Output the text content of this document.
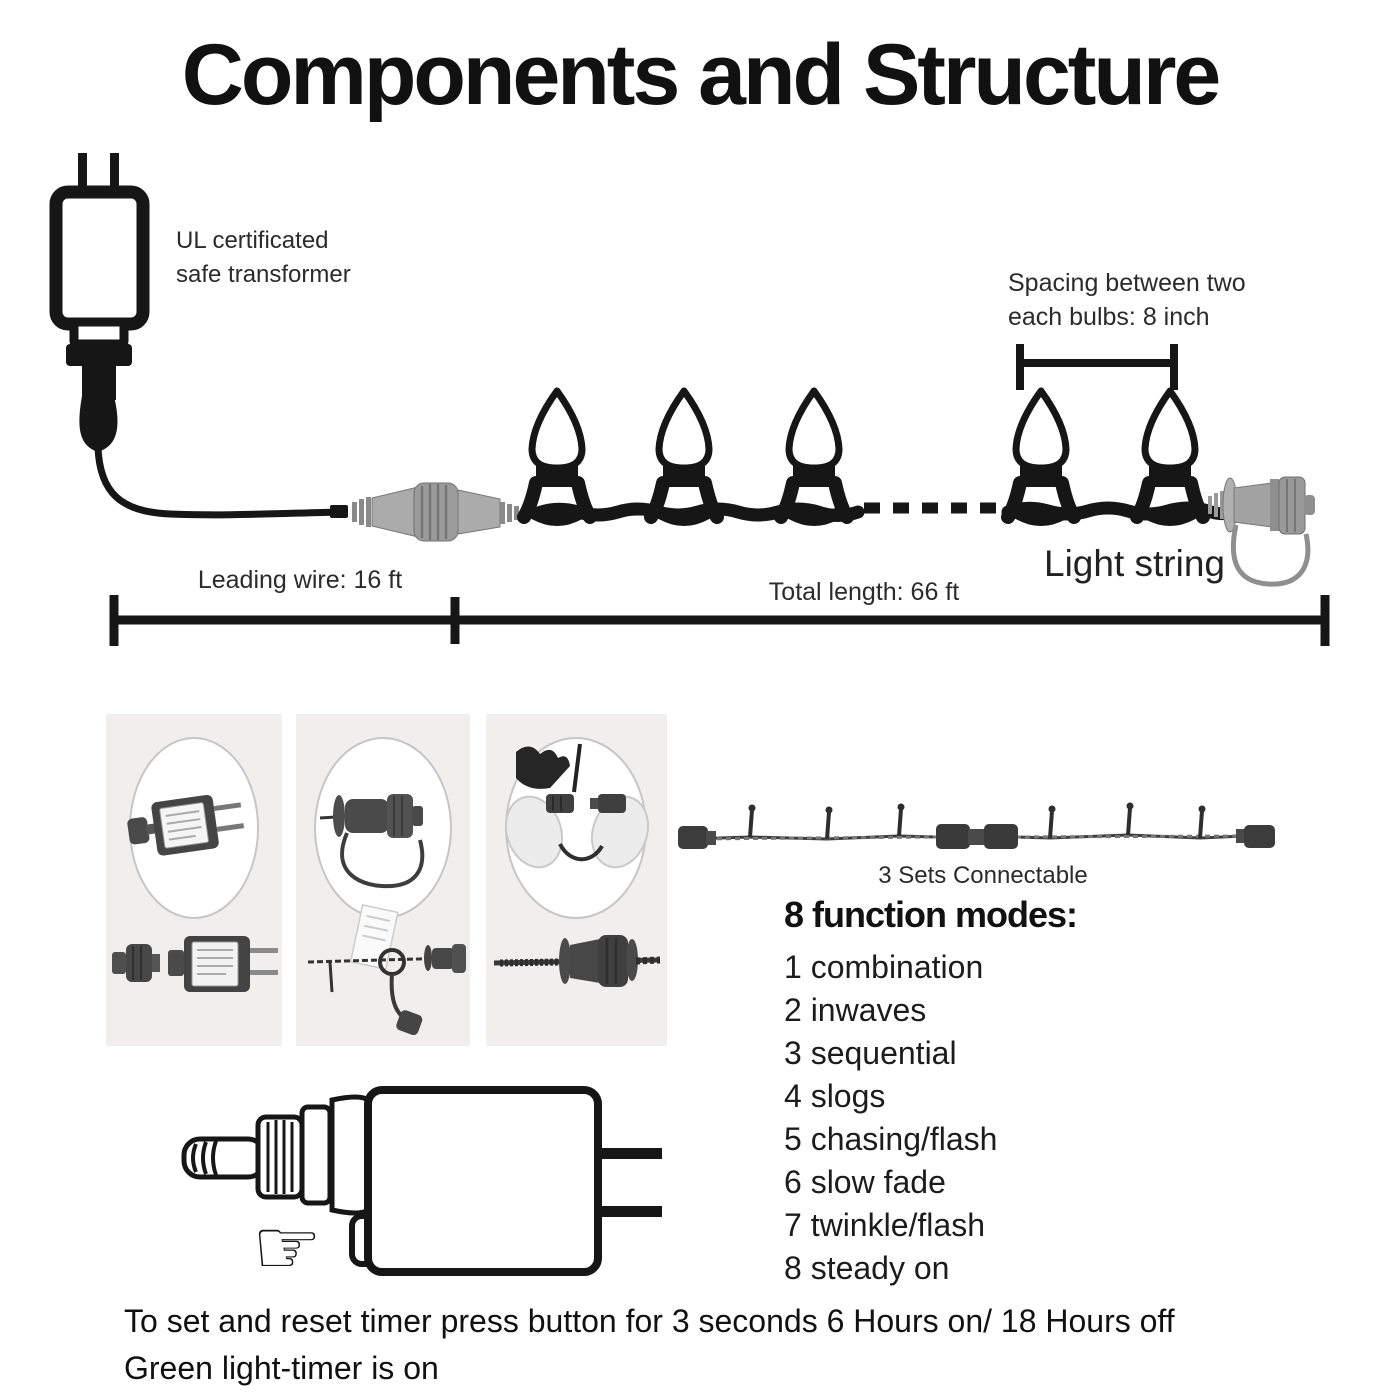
☞
Components and Structure
UL certificated
safe transformer	Spacing between two
each bulbs: 8 inch
Leading wire: 16 ft	Total length: 66 ft
Light string
3 Sets Connectable
8 function modes:
1 combination
2 inwaves
3 sequential
4 slogs
5 chasing/flash
6 slow fade
7 twinkle/flash
8 steady on
To set and reset timer press button for 3 seconds 6 Hours on/ 18 Hours off
Green light-timer is on
